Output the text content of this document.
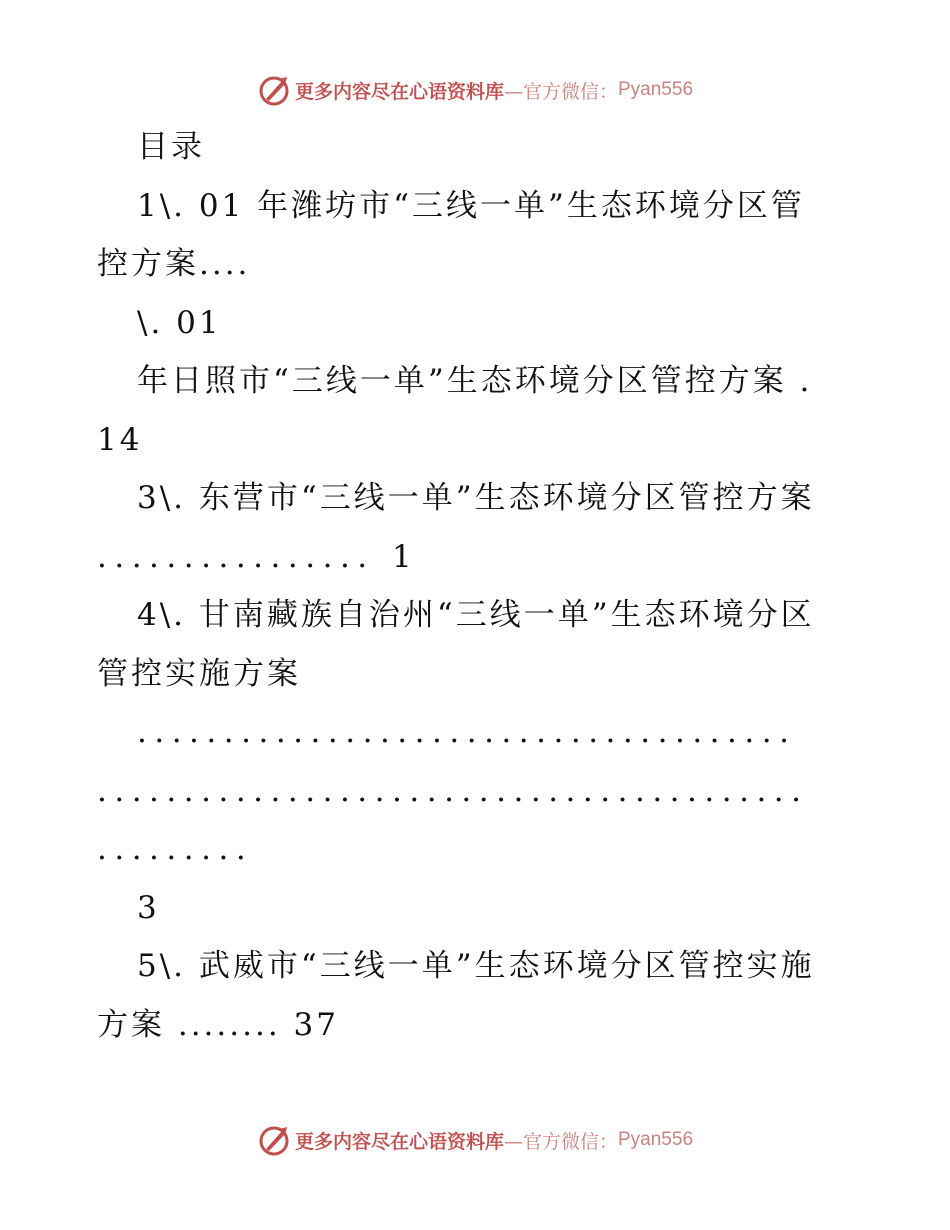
更多内容尽在心语资料库 —官方微信： Pyan556

目录

1\. 01 年潍坊市“三线一单”生态环境分区管

控方案....

\. 01

年日照市“三线一单”生态环境分区管控方案 .

14

3\. 东营市“三线一单”生态环境分区管控方案

................ 1

4\. 甘南藏族自治州“三线一单”生态环境分区

管控实施方案

......................................

.........................................

.........

3

5\. 武威市“三线一单”生态环境分区管控实施

方案 ........ 37

更多内容尽在心语资料库 —官方微信： Pyan556
